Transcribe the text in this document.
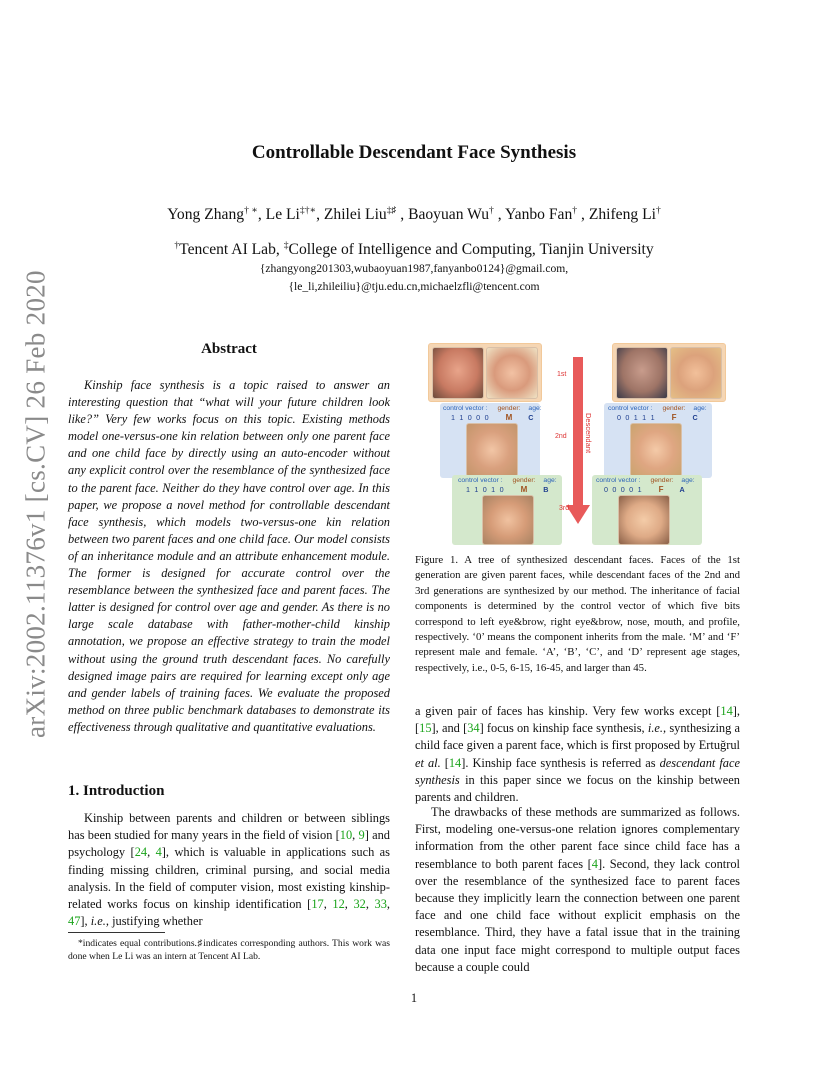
arXiv:2002.11376v1 [cs.CV] 26 Feb 2020
Controllable Descendant Face Synthesis
Yong Zhang† ∗, Le Li‡†∗, Zhilei Liu‡♯ , Baoyuan Wu† , Yanbo Fan† , Zhifeng Li†
†Tencent AI Lab, ‡College of Intelligence and Computing, Tianjin University
{zhangyong201303,wubaoyuan1987,fanyanbo0124}@gmail.com,
{le_li,zhileiliu}@tju.edu.cn,michaelzfli@tencent.com
Abstract
Kinship face synthesis is a topic raised to answer an interesting question that “what will your future children look like?” Very few works focus on this topic. Existing methods model one-versus-one kin relation between only one parent face and one child face by directly using an auto-encoder without any explicit control over the resemblance of the synthesized face to the parent face. Neither do they have control over age. In this paper, we propose a novel method for controllable descendant face synthesis, which models two-versus-one kin relation between two parent faces and one child face. Our model consists of an inheritance module and an attribute enhancement module. The former is designed for accurate control over the resemblance between the synthesized face and parent faces. The latter is designed for control over age and gender. As there is no large scale database with father-mother-child kinship annotation, we propose an effective strategy to train the model without using the ground truth descendant faces. No carefully designed image pairs are required for learning except only age and gender labels of training faces. We evaluate the proposed method on three public benchmark databases to demonstrate its effectiveness through qualitative and quantitative evaluations.
1. Introduction
Kinship between parents and children or between siblings has been studied for many years in the field of vision [10, 9] and psychology [24, 4], which is valuable in applications such as finding missing children, criminal pursing, and social media analysis. In the field of computer vision, most existing kinship-related works focus on kinship identification [17, 12, 32, 33, 47], i.e., justifying whether
*indicates equal contributions.♯indicates corresponding authors. This work was done when Le Li was an intern at Tencent AI Lab.
control vector : gender: age:
1 1 0 0 0 M C
control vector : gender: age:
0 0 1 1 1 F C
control vector : gender: age:
1 1 0 1 0 M B
control vector : gender: age:
0 0 0 0 1 F A
1st
2nd
3rd
Descendant
Figure 1. A tree of synthesized descendant faces. Faces of the 1st generation are given parent faces, while descendant faces of the 2nd and 3rd generations are synthesized by our method. The inheritance of facial components is determined by the control vector of which five bits correspond to left eye&brow, right eye&brow, nose, mouth, and profile, respectively. ‘0’ means the component inherits from the male. ‘M’ and ‘F’ represent male and female. ‘A’, ‘B’, ‘C’, and ‘D’ represent age stages, respectively, i.e., 0-5, 6-15, 16-45, and larger than 45.
a given pair of faces has kinship. Very few works except [14], [15], and [34] focus on kinship face synthesis, i.e., synthesizing a child face given a parent face, which is first proposed by Ertuğrul et al. [14]. Kinship face synthesis is referred as descendant face synthesis in this paper since we focus on the kinship between parents and children.
The drawbacks of these methods are summarized as follows. First, modeling one-versus-one relation ignores complementary information from the other parent face since child face has a resemblance to both parent faces [4]. Second, they lack control over the resemblance of the synthesized face to parent faces because they implicitly learn the connection between one parent face and one child face without explicit emphasis on the resemblance. Third, they have a fatal issue that in the training data one input face might correspond to multiple output faces because a couple could
1
